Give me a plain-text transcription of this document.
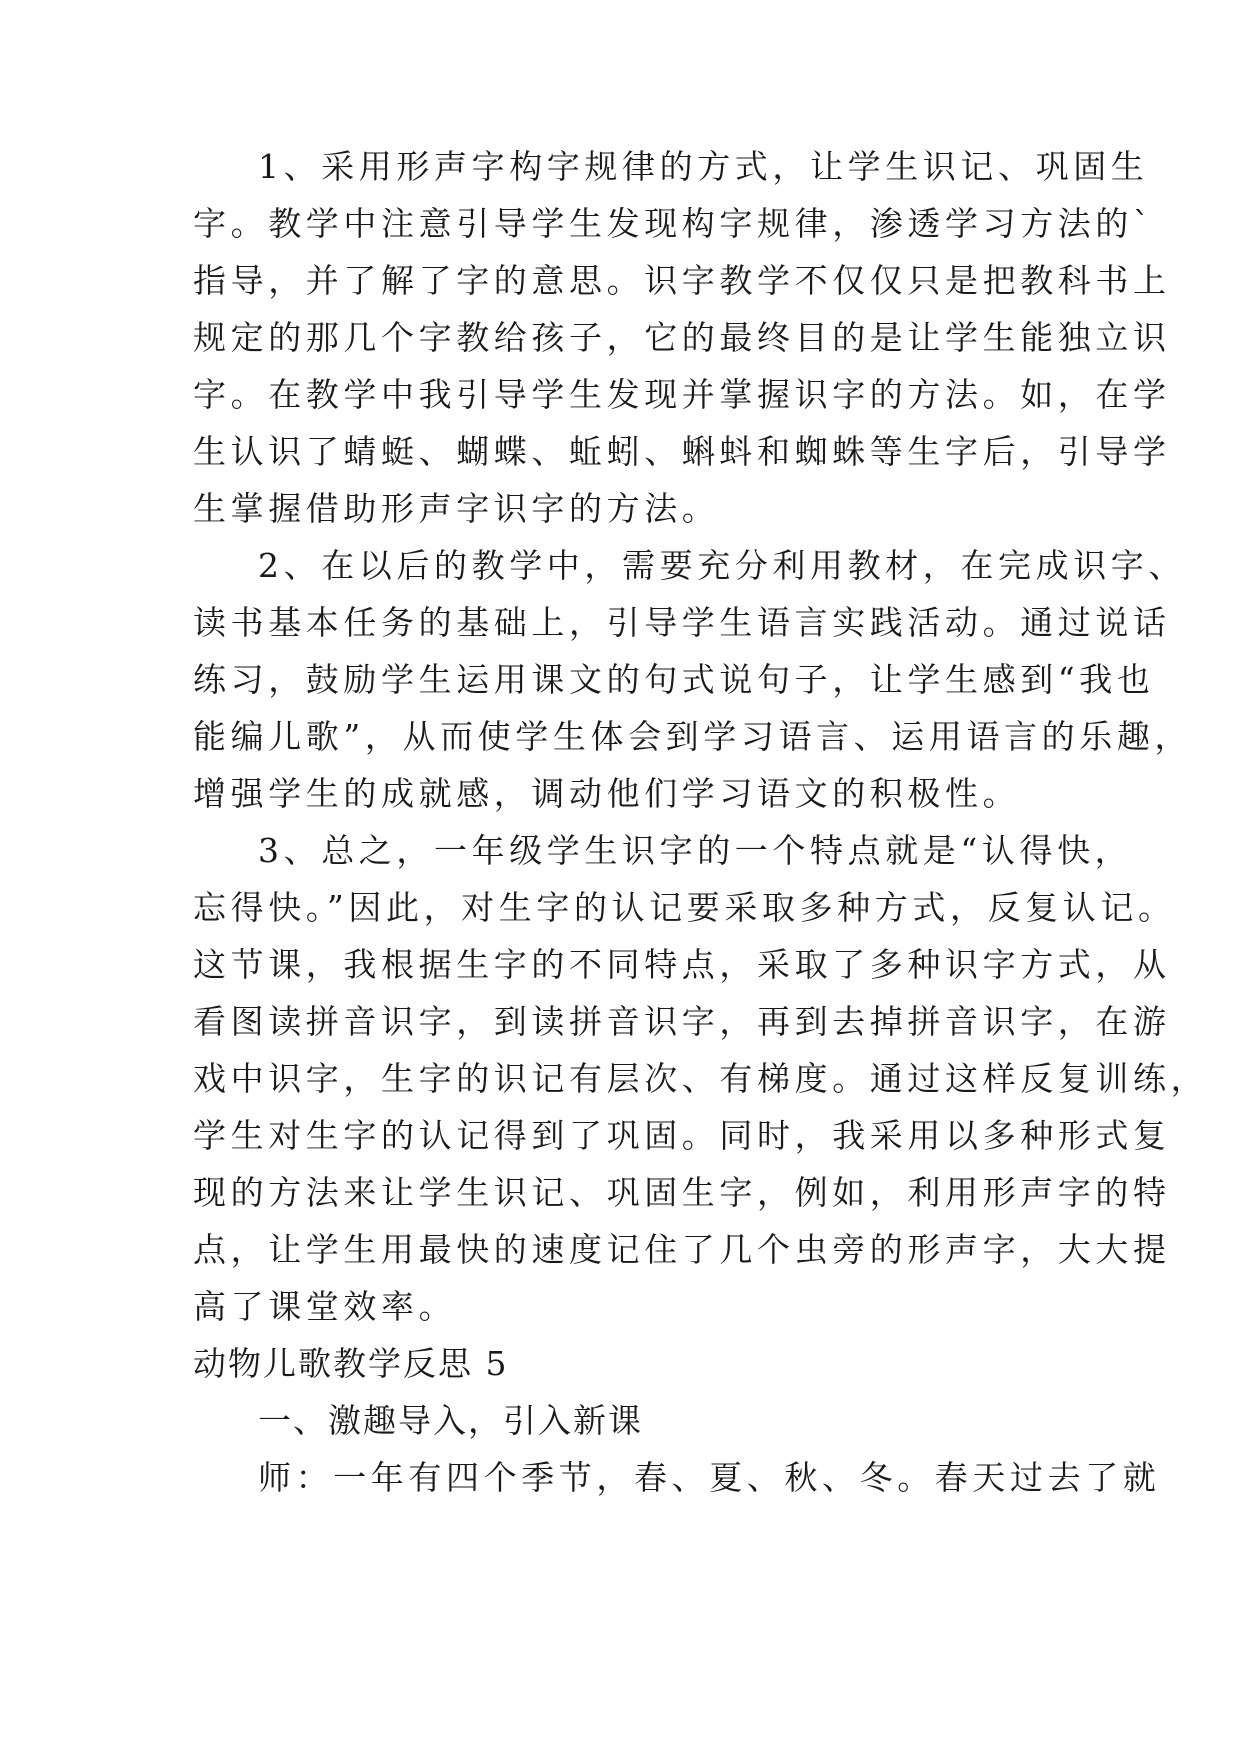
1、采用形声字构字规律的方式，让学生识记、巩固生
字。教学中注意引导学生发现构字规律，渗透学习方法的`
指导，并了解了字的意思。识字教学不仅仅只是把教科书上
规定的那几个字教给孩子，它的最终目的是让学生能独立识
字。在教学中我引导学生发现并掌握识字的方法。如，在学
生认识了蜻蜓、蝴蝶、蚯蚓、蝌蚪和蜘蛛等生字后，引导学
生掌握借助形声字识字的方法。
2、在以后的教学中，需要充分利用教材，在完成识字、
读书基本任务的基础上，引导学生语言实践活动。通过说话
练习，鼓励学生运用课文的句式说句子，让学生感到“我也
能编儿歌”，从而使学生体会到学习语言、运用语言的乐趣，
增强学生的成就感，调动他们学习语文的积极性。
3、总之，一年级学生识字的一个特点就是“认得快，
忘得快。”因此，对生字的认记要采取多种方式，反复认记。
这节课，我根据生字的不同特点，采取了多种识字方式，从
看图读拼音识字，到读拼音识字，再到去掉拼音识字，在游
戏中识字，生字的识记有层次、有梯度。通过这样反复训练，
学生对生字的认记得到了巩固。同时，我采用以多种形式复
现的方法来让学生识记、巩固生字，例如，利用形声字的特
点，让学生用最快的速度记住了几个虫旁的形声字，大大提
高了课堂效率。
动物儿歌教学反思 5
一、激趣导入，引入新课
师：一年有四个季节，春、夏、秋、冬。春天过去了就
